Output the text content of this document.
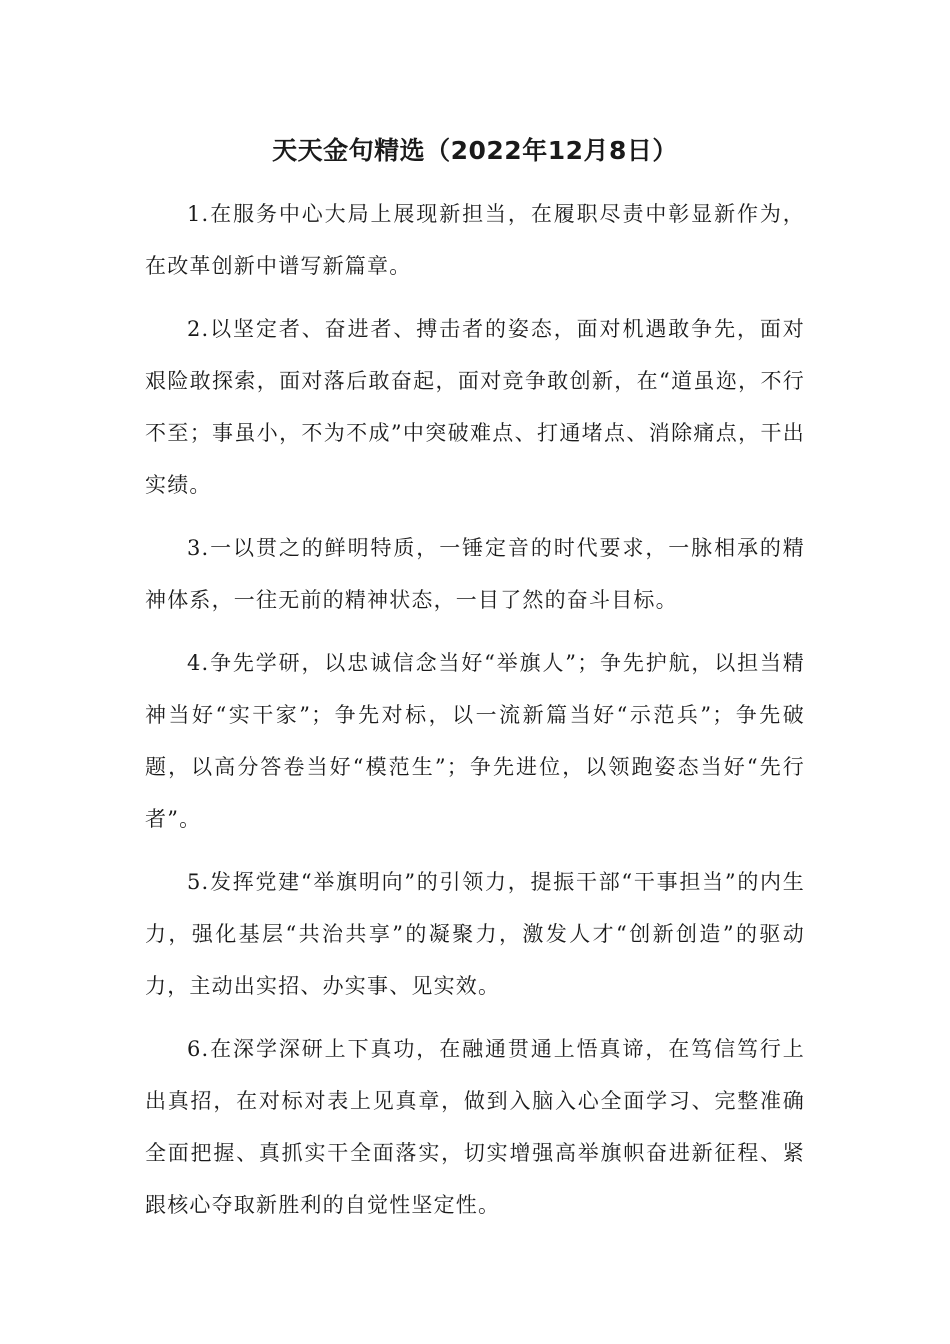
天天金句精选（2022年12月8日）

1.在服务中心大局上展现新担当，在履职尽责中彰显新作为，在改革创新中谱写新篇章。

2.以坚定者、奋进者、搏击者的姿态，面对机遇敢争先，面对艰险敢探索，面对落后敢奋起，面对竞争敢创新，在“道虽迩，不行不至；事虽小，不为不成”中突破难点、打通堵点、消除痛点，干出实绩。

3.一以贯之的鲜明特质，一锤定音的时代要求，一脉相承的精神体系，一往无前的精神状态，一目了然的奋斗目标。

4.争先学研，以忠诚信念当好“举旗人”；争先护航，以担当精神当好“实干家”；争先对标，以一流新篇当好“示范兵”；争先破题，以高分答卷当好“模范生”；争先进位，以领跑姿态当好“先行者”。

5.发挥党建“举旗明向”的引领力，提振干部“干事担当”的内生力，强化基层“共治共享”的凝聚力，激发人才“创新创造”的驱动力，主动出实招、办实事、见实效。

6.在深学深研上下真功，在融通贯通上悟真谛，在笃信笃行上出真招，在对标对表上见真章，做到入脑入心全面学习、完整准确全面把握、真抓实干全面落实，切实增强高举旗帜奋进新征程、紧跟核心夺取新胜利的自觉性坚定性。
